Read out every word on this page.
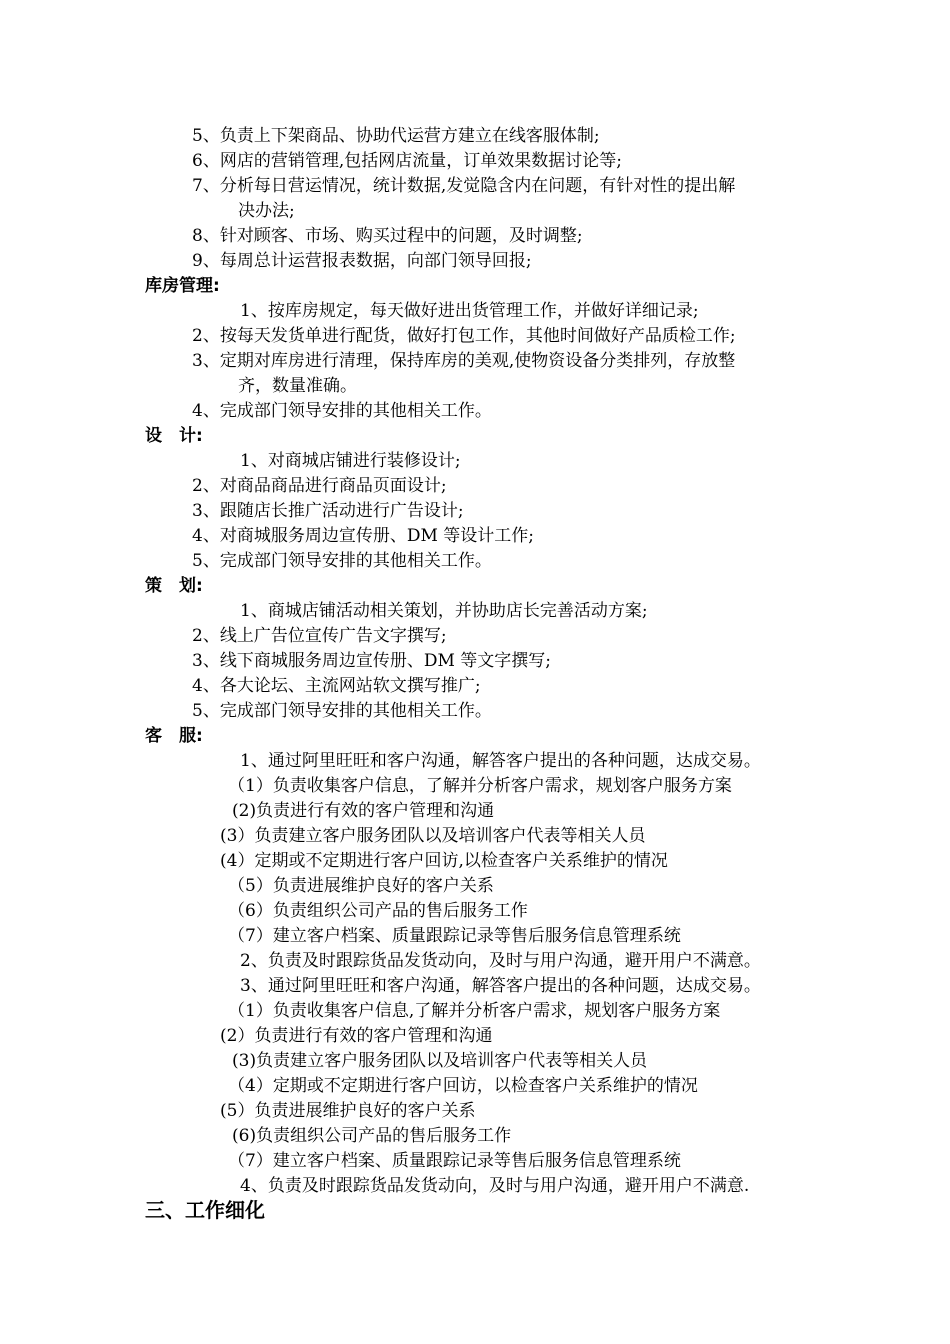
5、负责上下架商品、协助代运营方建立在线客服体制;
6、网店的营销管理,包括网店流量，订单效果数据讨论等;
7、分析每日营运情况，统计数据,发觉隐含内在问题，有针对性的提出解
决办法;
8、针对顾客、市场、购买过程中的问题，及时调整;
9、每周总计运营报表数据，向部门领导回报;
库房管理:
1、按库房规定，每天做好进出货管理工作，并做好详细记录;
2、按每天发货单进行配货，做好打包工作，其他时间做好产品质检工作;
3、定期对库房进行清理，保持库房的美观,使物资设备分类排列，存放整
齐，数量准确。
4、完成部门领导安排的其他相关工作。
设　计:
1、对商城店铺进行装修设计;
2、对商品商品进行商品页面设计;
3、跟随店长推广活动进行广告设计;
4、对商城服务周边宣传册、DM 等设计工作;
5、完成部门领导安排的其他相关工作。
策　划:
1、商城店铺活动相关策划，并协助店长完善活动方案;
2、线上广告位宣传广告文字撰写;
3、线下商城服务周边宣传册、DM 等文字撰写;
4、各大论坛、主流网站软文撰写推广;
5、完成部门领导安排的其他相关工作。
客　服:
1、通过阿里旺旺和客户沟通，解答客户提出的各种问题，达成交易。
（1）负责收集客户信息，了解并分析客户需求，规划客户服务方案
(2)负责进行有效的客户管理和沟通
(3）负责建立客户服务团队以及培训客户代表等相关人员
(4）定期或不定期进行客户回访,以检查客户关系维护的情况
（5）负责进展维护良好的客户关系
（6）负责组织公司产品的售后服务工作
（7）建立客户档案、质量跟踪记录等售后服务信息管理系统
2、负责及时跟踪货品发货动向，及时与用户沟通，避开用户不满意。
3、通过阿里旺旺和客户沟通，解答客户提出的各种问题，达成交易。
（1）负责收集客户信息,了解并分析客户需求，规划客户服务方案
(2）负责进行有效的客户管理和沟通
(3)负责建立客户服务团队以及培训客户代表等相关人员
（4）定期或不定期进行客户回访，以检查客户关系维护的情况
(5）负责进展维护良好的客户关系
(6)负责组织公司产品的售后服务工作
（7）建立客户档案、质量跟踪记录等售后服务信息管理系统
4、负责及时跟踪货品发货动向，及时与用户沟通，避开用户不满意.
三、工作细化
